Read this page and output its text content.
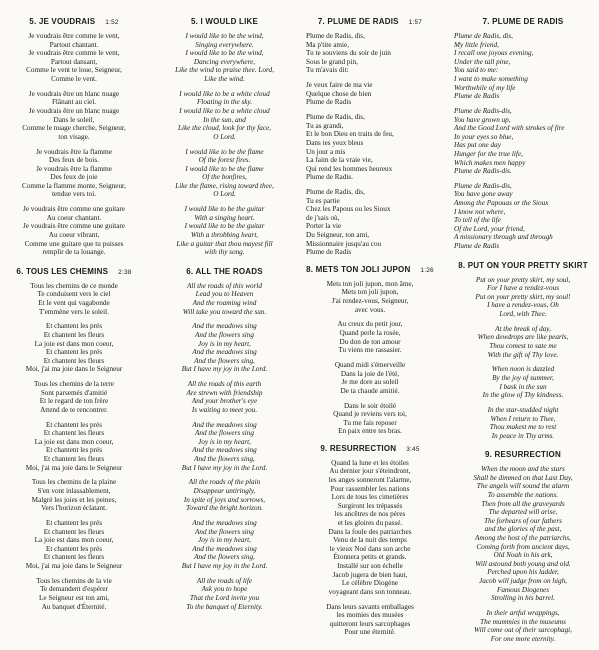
5. JE VOUDRAIS 1:52
Je voudrais être comme le vent,
Partout chantant.
Je voudrais être comme le vent,
Partout dansant,
Comme le vent te loue, Seigneur,
Comme le vent.
Je voudrais être un blanc nuage
Flânant au ciel.
Je voudrais être un blanc nuage
Dans le soleil,
Comme le nuage cherche, Seigneur,
ton visage.
Je voudrais être la flamme
Des feux de bois.
Je voudrais être la flamme
Des feux de joie
Comme la flamme monte, Seigneur,
tendue vers toi.
Je voudrais être comme une guitare
Au coeur chantant.
Je voudrais être comme une guitare
Au coeur vibrant,
Comme une guitare que tu puisses
remplir de ta louange.
6. TOUS LES CHEMINS 2:38
Tous les chemins de ce monde
Te conduisent vers le ciel
Et le vent qui vagabonde
T'emmène vers le soleil.
Et chantent les prés
Et chantent les fleurs
La joie est dans mon coeur,
Et chantent les prés
Et chantent les fleurs
Moi, j'ai ma joie dans le Seigneur
Tous les chemins de la terre
Sont parsemés d'amitié
Et le regard de ton frère
Attend de te rencontrer.
Et chantent les prés
Et chantent les fleurs
La joie est dans mon coeur,
Et chantent les prés
Et chantent les fleurs
Moi, j'ai ma joie dans le Seigneur
Tous les chemins de la plaine
S'en vont inlassablement,
Malgré les joies et les peines,
Vers l'horizon éclatant.
Et chantent les prés
Et chantent les fleurs
La joie est dans mon coeur,
Et chantent les prés
Et chantent les fleurs
Moi, j'ai ma joie dans le Seigneur
Tous les chemins de la vie
Te demandent d'espérer
Le Seigneur est ton ami,
Au banquet d'Éternité.
5. I WOULD LIKE
I would like to be the wind,
Singing everywhere.
I would like to be the wind,
Dancing everywhere,
Like the wind to praise thee. Lord,
Like the wind.
I would like to be a white cloud
Floating in the sky.
I would like to be a white cloud
In the sun, and
Like the cloud, look for thy face,
O Lord.
I would like to be the flame
Of the forest fires.
I would like to be the flame
Of the bonfires,
Like the flame, rising toward thee,
O Lord.
I would like to be the guitar
With a singing heart.
I would like to be the guitar
With a throbbing heart,
Like a guitar that thou mayest fill
with thy song.
6. ALL THE ROADS
All the roads of this world
Lead you to Heaven
And the roaming wind
Will take you toward the sun.
And the meadows sing
And the flowers sing
Joy is in my heart,
And the meadows sing
And the flowers sing,
But I have my joy in the Lord.
All the roads of this earth
Are strewn with friendship
And your brother's eye
Is waiting to meet you.
And the meadows sing
And the flowers sing
Joy is in my heart,
And the meadows sing
And the flowers sing,
But I have my joy in the Lord.
All the roads of the plain
Disappear untiringly,
In spite of joys and sorrows,
Toward the bright horizon.
And the meadows sing
And the flowers sing
Joy is in my heart,
And the meadows sing
And the flowers sing,
But I have my joy in the Lord.
All the roads of life
Ask you to hope
That the Lord invite you
To the banquet of Eternity.
7. PLUME DE RADIS 1:57
Plume de Radis, dis,
Ma p'tite amie,
Tu te souviens du soir de juin
Sous le grand pin,
Tu m'avais dit:
Je veux faire de ma vie
Quelque chose de bien
Plume de Radis
Plume de Radis, dis,
Tu as grandi,
Et le bon Dieu en traits de feu,
Dans tes yeux bleus
Un jour a mis
La faim de la vraie vie,
Qui rend les hommes heureux
Plume de Radis.
Plume de Radis, dis,
Tu es partie
Chez les Papous ou les Sioux
de j'sais où,
Porter la vie
Du Seigneur, ton ami,
Missionnaire jusqu'au cou
Plume de Radis
8. METS TON JOLI JUPON 1:26
Mets ton joli jupon, mon âme,
Mets ton joli jupon,
J'ai rendez-vous, Seigneur,
avec vous.
Au creux du petit jour,
Quand perle la rosée,
Du don de ton amour
Tu viens me rassasier.
Quand midi s'émerveille
Dans la joie de l'été,
Je me dore au soleil
De ta chaude amitié.
Dans le soir étoilé
Quand je reviens vers toi,
Tu me fais reposer
En paix entre tes bras.
9. RESURRECTION 3:45
Quand la lune et les étoiles
Au dernier jour s'éteindront,
les anges sonneront l'alarme,
Pour rassembler les nations
Lors de tous les cimetières
Surgiront les trépassés
les ancêtres de nos pères
et les gloires du passé.
Dans la foule des patriarches
Venu de la nuit des temps
le vieux Noé dans son arche
Étonnera petits et grands.
Installé sur son échelle
Jacob jugera de bien haut,
Le célèbre Diogène
voyageant dans son tonneau.
Dans leurs savants emballages
les momies des musées
quitteront leurs sarcophages
Pour une éternité.
7. PLUME DE RADIS
Plume de Radis, dis,
My little friend,
I recall one joyous evening,
Under the tall pine,
You said to me:
I want to make something
Worthwhile of my life
Plume de Radis
Plume de Radis-dis,
You have grown up,
And the Good Lord with strokes of fire
In your eyes so blue,
Has put one day
Hunger for the true life,
Which makes men happy
Plume de Radis-dis.
Plume de Radis-dis,
You have gone away
Among the Papouas or the Sioux
I know not where,
To tell of the life
Of the Lord, your friend,
A missionary through and through
Plume de Radis
8. PUT ON YOUR PRETTY SKIRT
Put on your pretty skirt, my soul,
For I have a rendez-vous
Put on your pretty skirt, my soul!
I have a rendez-vous, Oh
Lord, with Thee.
At the break of day,
When dewdrops are like pearls,
Thou comest to sate me
With the gift of Thy love.
When noon is dazzled
By the joy of summer,
I bask in the sun
In the glow of Thy kindness.
In the star-studded night
When I return to Thee,
Thou makest me to rest
In peace in Thy arms.
9. RESURRECTION
When the moon and the stars
Shall be dimmed on that Last Day,
The angels will sound the alarm
To assemble the nations.
Then from all the graveyards
The departed will arise,
The forbears of our fathers
and the glories of the past,
Among the host of the patriarchs,
Coming forth from ancient days,
Old Noah in his ark,
Will astound both young and old.
Perched upon his ladder,
Jacob will judge from on high,
Famous Diogenes
Strolling in his barrel.
In their artful wrappings,
The mummies in the museums
Will come out of their sarcophagi,
For one more eternity.
